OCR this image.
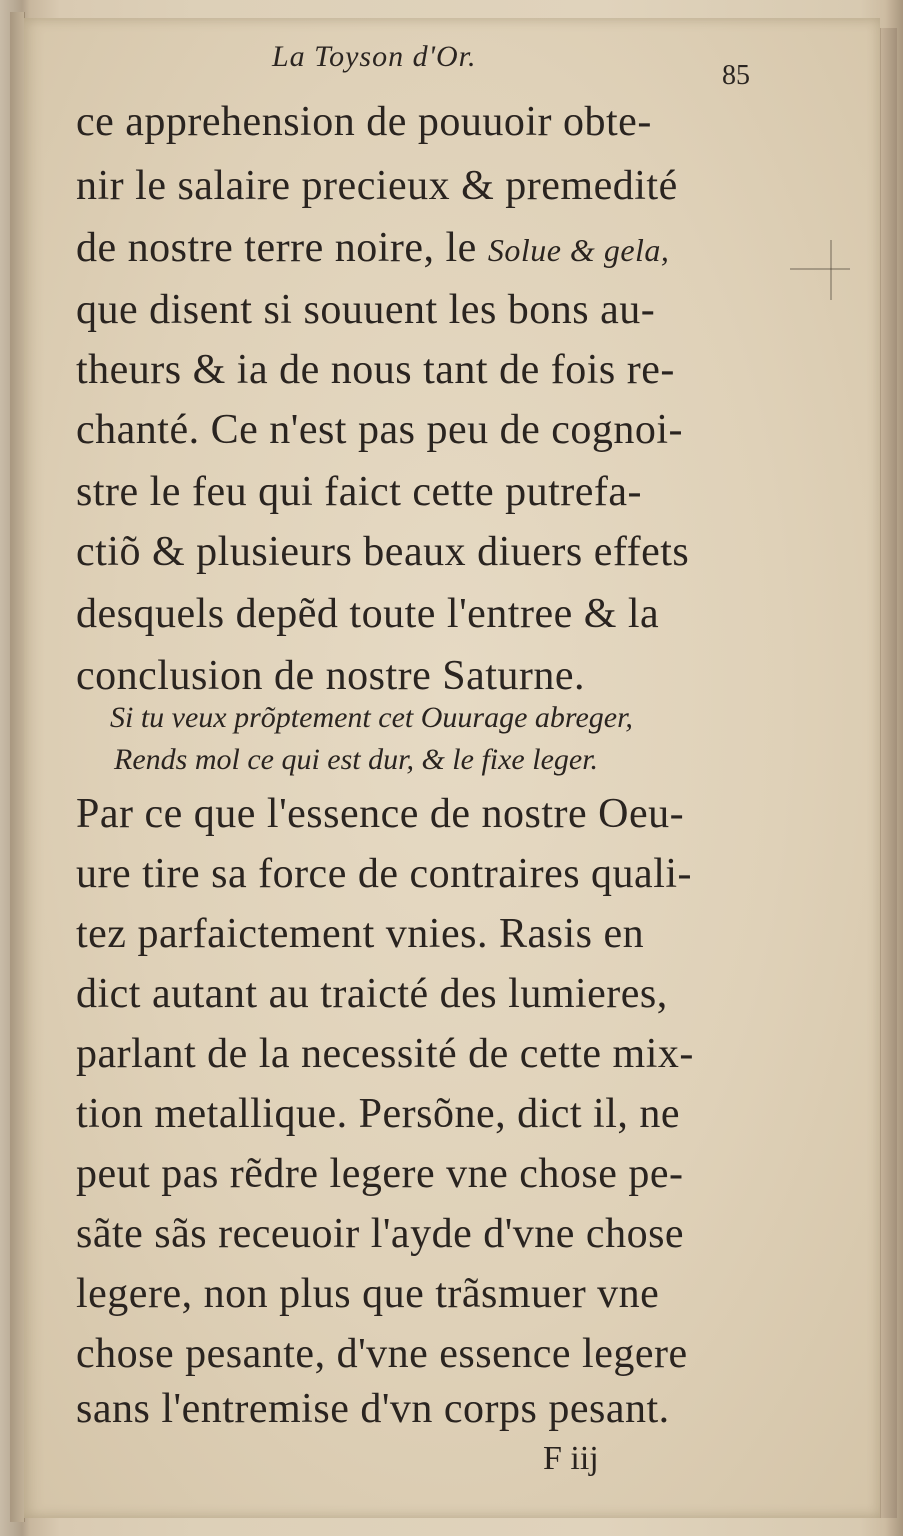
La Toyson d'Or.
85
ce apprehension de pouuoir obte-
nir le salaire precieux & premedité
de nostre terre noire, le Solue & gela,
que disent si souuent les bons au-
theurs & ia de nous tant de fois re-
chanté. Ce n'est pas peu de cognoi-
stre le feu qui faict cette putrefa-
ctiõ & plusieurs beaux diuers effets
desquels depẽd toute l'entree & la
conclusion de nostre Saturne.
Si tu veux prõptement cet Ouurage abreger,
Rends mol ce qui est dur, & le fixe leger.
Par ce que l'essence de nostre Oeu-
ure tire sa force de contraires quali-
tez parfaictement vnies. Rasis en
dict autant au traicté des lumieres,
parlant de la necessité de cette mix-
tion metallique. Persõne, dict il, ne
peut pas rẽdre legere vne chose pe-
sãte sãs receuoir l'ayde d'vne chose
legere, non plus que trãsmuer vne
chose pesante, d'vne essence legere
sans l'entremise d'vn corps pesant.
F iij
